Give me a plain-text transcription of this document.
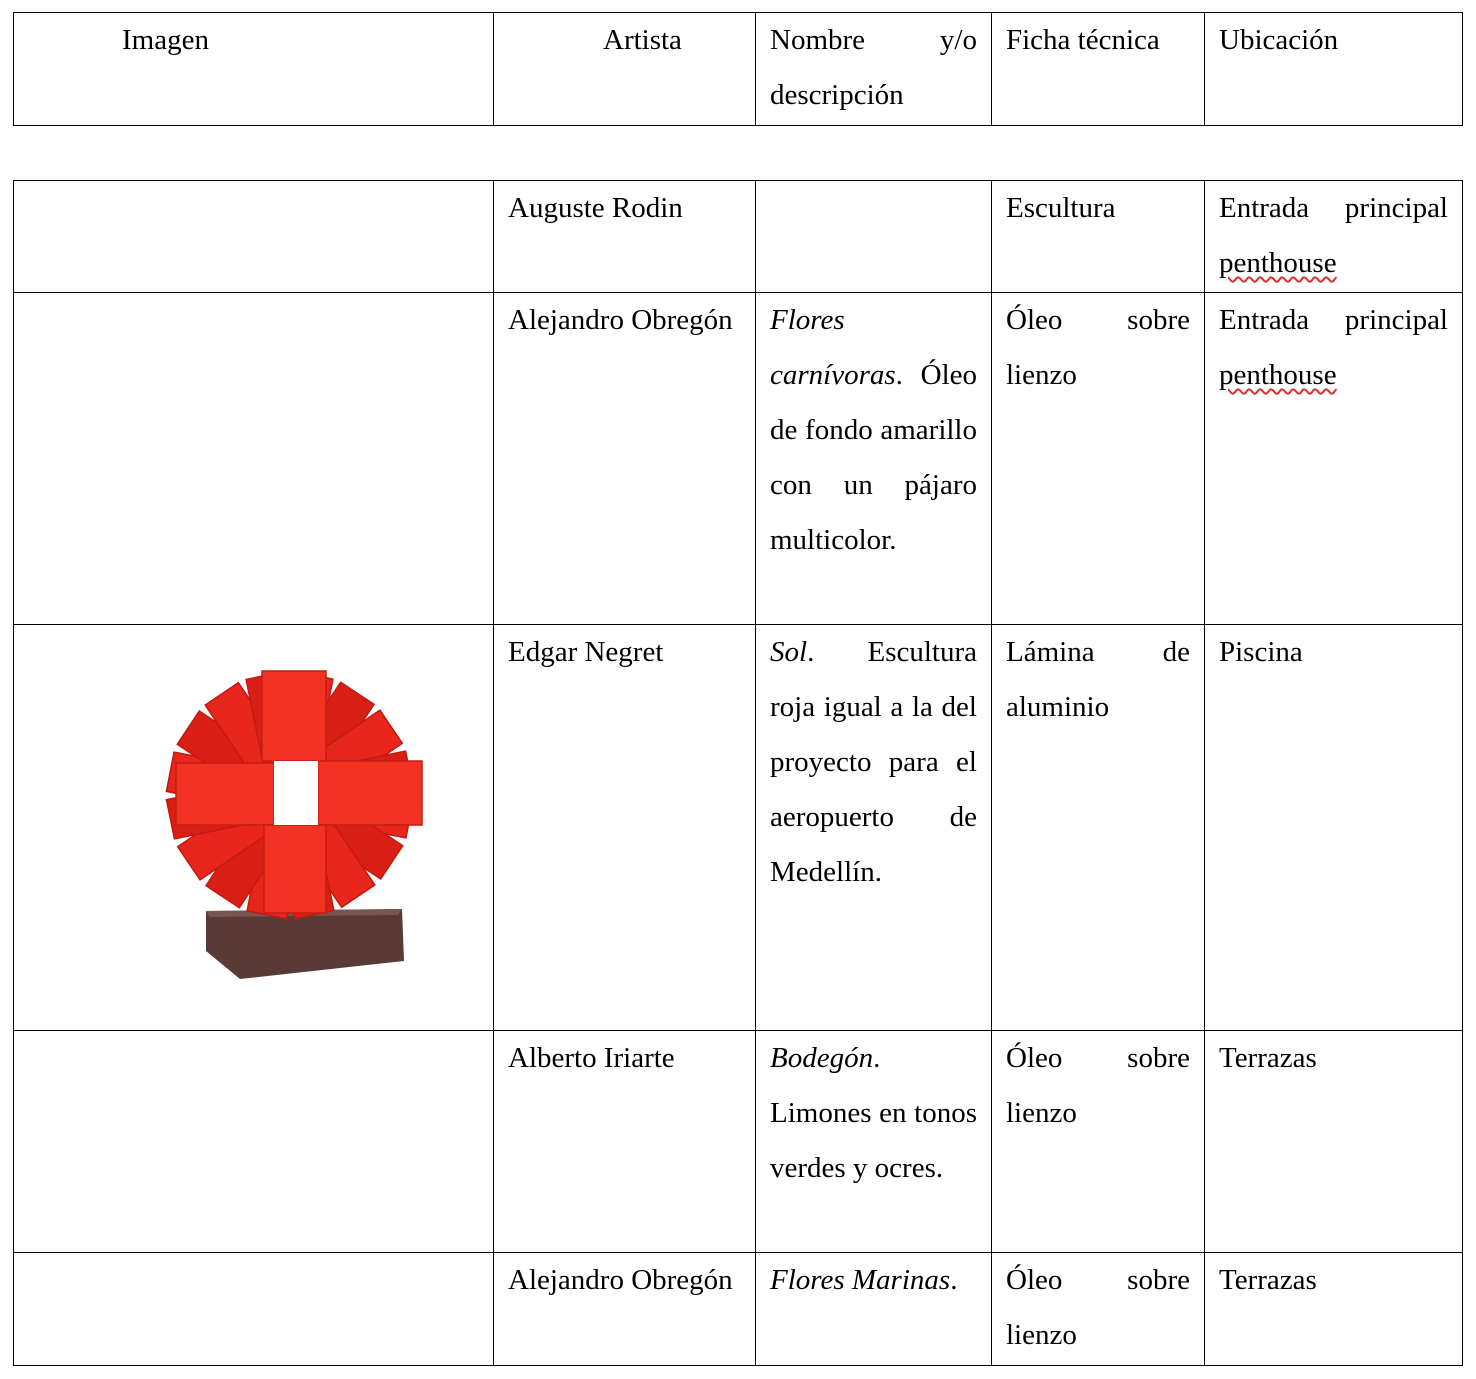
Imagen	Artista	Nombre y/o descripción	Ficha técnica	Ubicación
	Auguste Rodin		Escultura	Entrada principal penthouse
	Alejandro Obregón	Flores carnívoras. Óleo de fondo amarillo con un pájaro multicolor.	Óleo sobre lienzo	Entrada principal penthouse

	Edgar Negret	Sol. Escultura roja igual a la del proyecto para el aeropuerto de Medellín.	Lámina de aluminio	Piscina
	Alberto Iriarte	Bodegón. Limones en tonos verdes y ocres.	Óleo sobre lienzo	Terrazas
	Alejandro Obregón	Flores Marinas.	Óleo sobre lienzo	Terrazas
